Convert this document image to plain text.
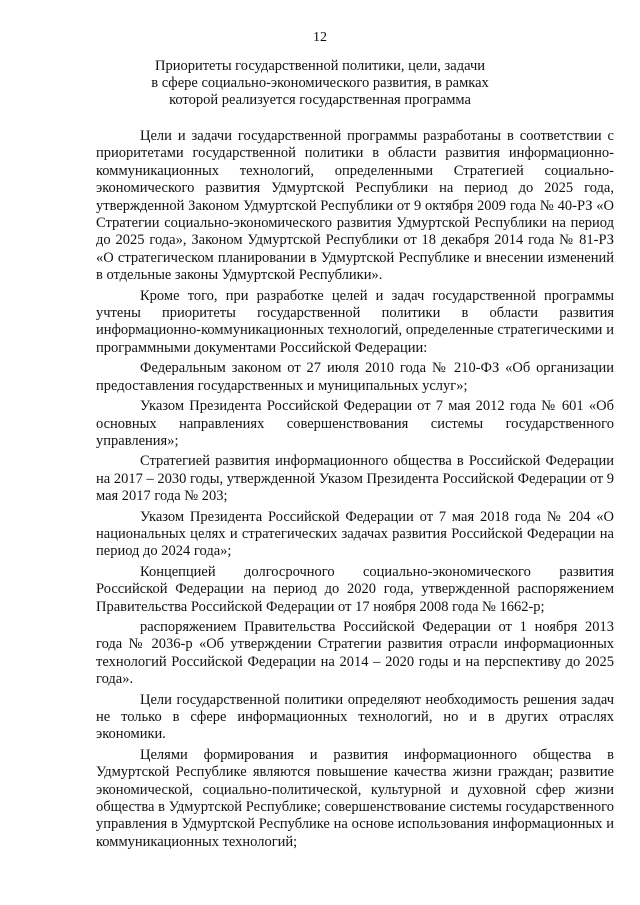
12
Приоритеты государственной политики, цели, задачи
в сфере социально-экономического развития, в рамках
которой реализуется государственная программа

Цели и задачи государственной программы разработаны в соответствии с приоритетами государственной политики в области развития информационно-коммуникационных технологий, определенными Стратегией социально-экономического развития Удмуртской Республики на период до 2025 года, утвержденной Законом Удмуртской Республики от 9 октября 2009 года № 40-РЗ «О Стратегии социально-экономического развития Удмуртской Республики на период до 2025 года», Законом Удмуртской Республики от 18 декабря 2014 года № 81-РЗ «О стратегическом планировании в Удмуртской Республике и внесении изменений в отдельные законы Удмуртской Республики».

Кроме того, при разработке целей и задач государственной программы учтены приоритеты государственной политики в области развития информационно-коммуникационных технологий, определенные стратегическими и программными документами Российской Федерации:

Федеральным законом от 27 июля 2010 года № 210-ФЗ «Об организации предоставления государственных и муниципальных услуг»;

Указом Президента Российской Федерации от 7 мая 2012 года № 601 «Об основных направлениях совершенствования системы государственного управления»;

Стратегией развития информационного общества в Российской Федерации на 2017 – 2030 годы, утвержденной Указом Президента Российской Федерации от 9 мая 2017 года № 203;

Указом Президента Российской Федерации от 7 мая 2018 года № 204 «О национальных целях и стратегических задачах развития Российской Федерации на период до 2024 года»;

Концепцией долгосрочного социально-экономического развития Российской Федерации на период до 2020 года, утвержденной распоряжением Правительства Российской Федерации от 17 ноября 2008 года № 1662-р;

распоряжением Правительства Российской Федерации от 1 ноября 2013 года № 2036-р «Об утверждении Стратегии развития отрасли информационных технологий Российской Федерации на 2014 – 2020 годы и на перспективу до 2025 года».

Цели государственной политики определяют необходимость решения задач не только в сфере информационных технологий, но и в других отраслях экономики.

Целями формирования и развития информационного общества в Удмуртской Республике являются повышение качества жизни граждан; развитие экономической, социально-политической, культурной и духовной сфер жизни общества в Удмуртской Республике; совершенствование системы государственного управления в Удмуртской Республике на основе использования информационных и коммуникационных технологий;
